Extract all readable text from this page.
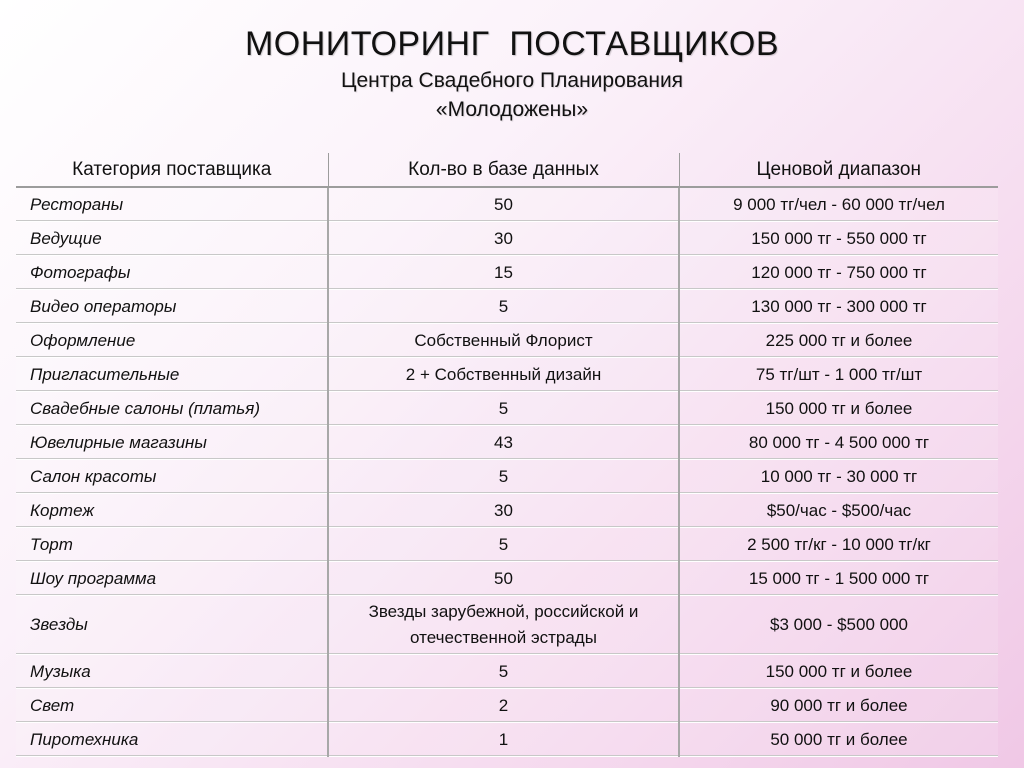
МОНИТОРИНГ  ПОСТАВЩИКОВ
Центра Свадебного Планирования
«Молодожены»
Категория поставщика	Кол-во в базе данных	Ценовой диапазон
Рестораны	50	9 000 тг/чел - 60 000 тг/чел
Ведущие	30	150 000 тг - 550 000 тг
Фотографы	15	120 000 тг - 750 000 тг
Видео операторы	5	130 000 тг - 300 000 тг
Оформление	Собственный Флорист	225 000 тг и более
Пригласительные	2 + Собственный дизайн	75 тг/шт - 1 000 тг/шт
Свадебные салоны (платья)	5	150 000 тг и более
Ювелирные магазины	43	80 000 тг - 4 500 000 тг
Салон красоты	5	10 000 тг - 30 000 тг
Кортеж	30	$50/час - $500/час
Торт	5	2 500 тг/кг - 10 000 тг/кг
Шоу программа	50	15 000 тг - 1 500 000 тг
Звезды	Звезды зарубежной, российской и отечественной эстрады	$3 000 - $500 000
Музыка	5	150 000 тг и более
Свет	2	90 000 тг и более
Пиротехника	1	50 000 тг и более
